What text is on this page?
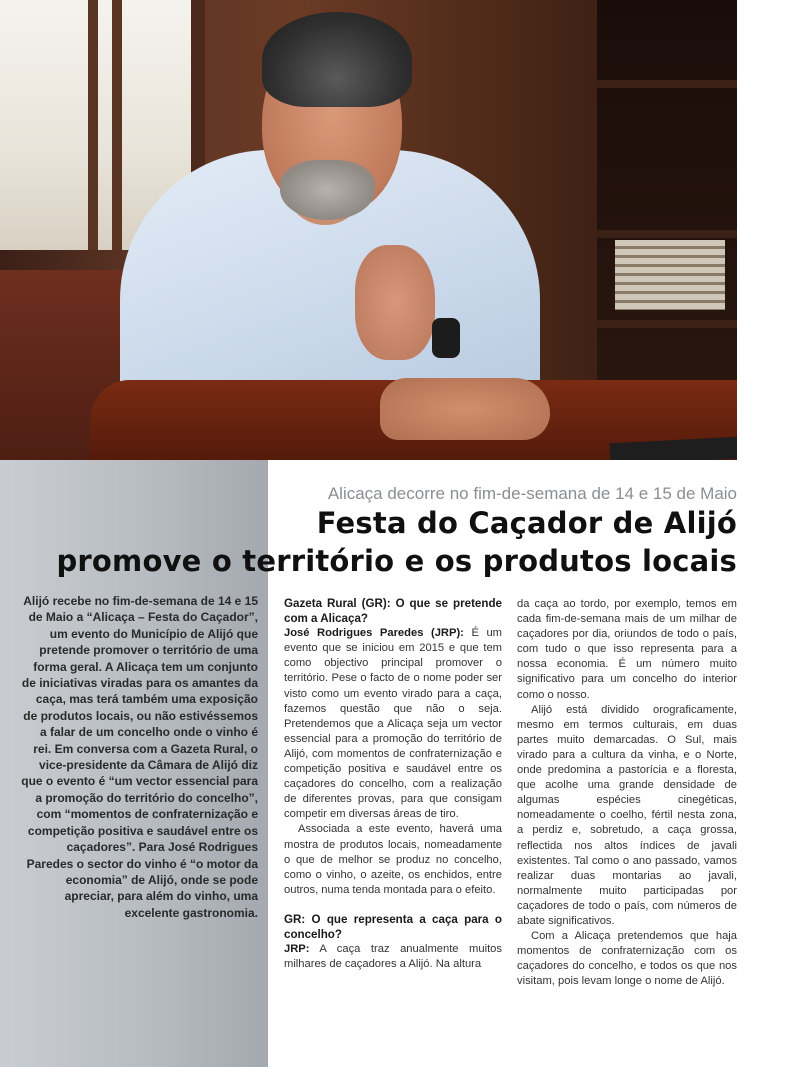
Alicaça decorre no fim-de-semana de 14 e 15 de Maio
Festa do Caçador de Alijó
promove o território e os produtos locais
Alijó recebe no fim-de-semana de 14 e 15 de Maio a “Alicaça – Festa do Caçador”, um evento do Município de Alijó que pretende promover o território de uma forma geral. A Alicaça tem um conjunto de iniciativas viradas para os amantes da caça, mas terá também uma exposição de produtos locais, ou não estivéssemos a falar de um concelho onde o vinho é rei. Em conversa com a Gazeta Rural, o vice-presidente da Câmara de Alijó diz que o evento é “um vector essencial para a promoção do território do concelho”, com “momentos de confraternização e competição positiva e saudável entre os caçadores”. Para José Rodrigues Paredes o sector do vinho é “o motor da economia” de Alijó, onde se pode apreciar, para além do vinho, uma excelente gastronomia.

Gazeta Rural (GR): O que se pretende com a Alicaça?

José Rodrigues Paredes (JRP): É um evento que se iniciou em 2015 e que tem como objectivo principal promover o território. Pese o facto de o nome poder ser visto como um evento virado para a caça, fazemos questão que não o seja. Pretendemos que a Alicaça seja um vector essencial para a promoção do território de Alijó, com momentos de confraternização e competição positiva e saudável entre os caçadores do concelho, com a realização de diferentes provas, para que consigam competir em diversas áreas de tiro.

Associada a este evento, haverá uma mostra de produtos locais, nomeadamente o que de melhor se produz no concelho, como o vinho, o azeite, os enchidos, entre outros, numa tenda montada para o efeito.

GR: O que representa a caça para o concelho?

JRP: A caça traz anualmente muitos milhares de caçadores a Alijó. Na altura

da caça ao tordo, por exemplo, temos em cada fim-de-semana mais de um milhar de caçadores por dia, oriundos de todo o país, com tudo o que isso representa para a nossa economia. É um número muito significativo para um concelho do interior como o nosso.

Alijó está dividido orograficamente, mesmo em termos culturais, em duas partes muito demarcadas. O Sul, mais virado para a cultura da vinha, e o Norte, onde predomina a pastorícia e a floresta, que acolhe uma grande densidade de algumas espécies cinegéticas, nomeadamente o coelho, fértil nesta zona, a perdiz e, sobretudo, a caça grossa, reflectida nos altos índices de javali existentes. Tal como o ano passado, vamos realizar duas montarias ao javali, normalmente muito participadas por caçadores de todo o país, com números de abate significativos.

Com a Alicaça pretendemos que haja momentos de confraternização com os caçadores do concelho, e todos os que nos visitam, pois levam longe o nome de Alijó.
